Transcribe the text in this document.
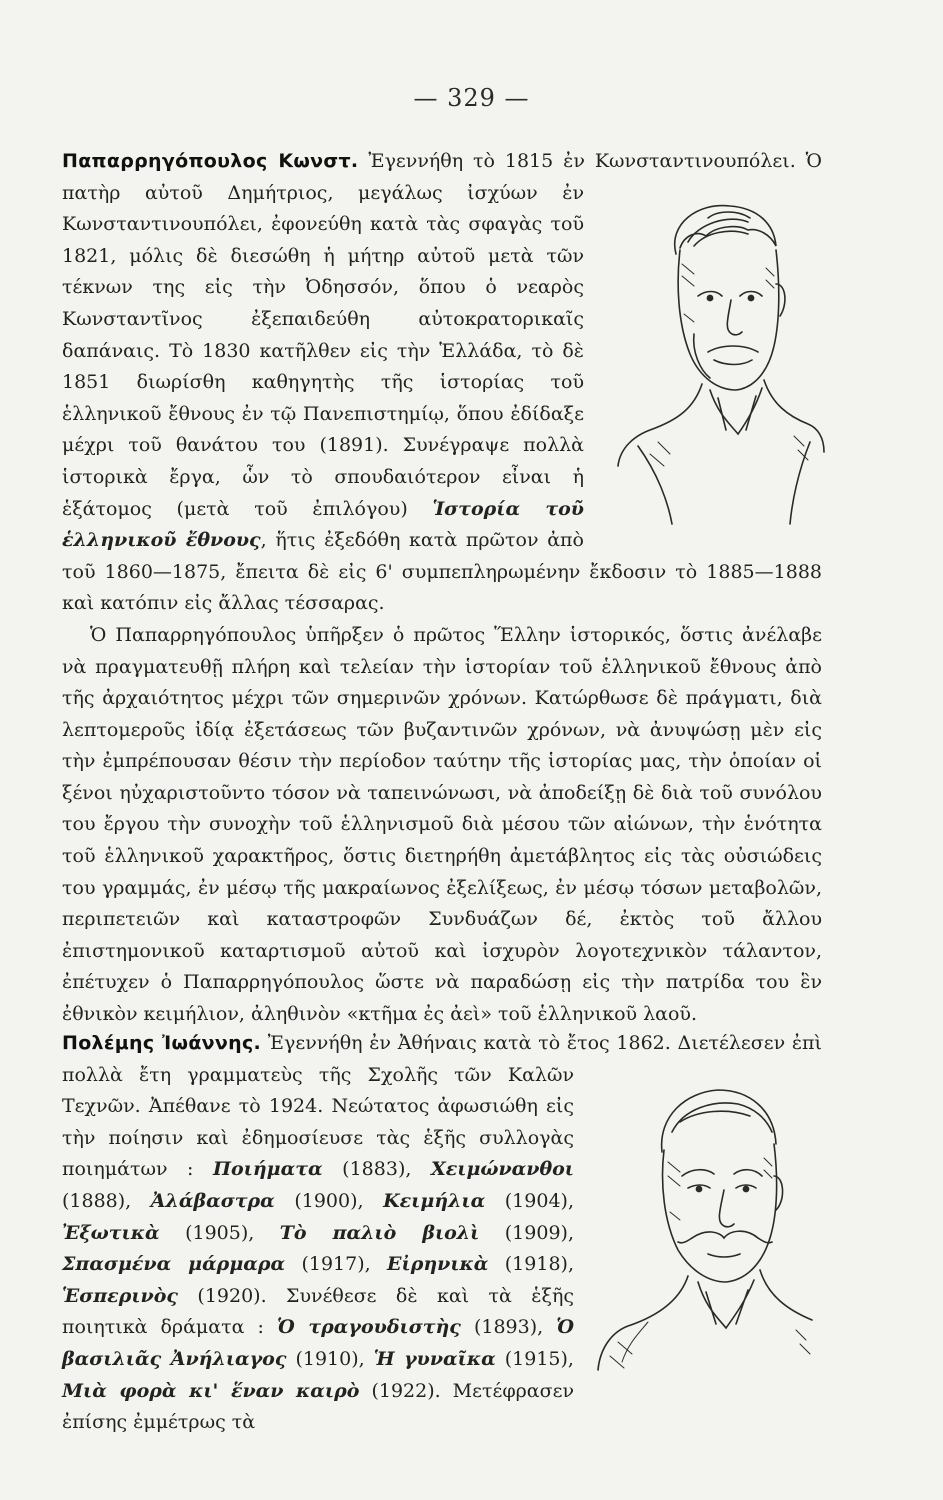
— 329 —
Παπαρρηγόπουλος Κωνστ.
Ἐγεννήθη τὸ 1815 ἐν Κωνσταντινουπόλει. Ὁ πατὴρ αὐτοῦ Δημήτριος, μεγάλως ἰσχύων ἐν Κωνσταντινουπόλει, ἐφονεύθη κατὰ τὰς σφαγὰς τοῦ 1821, μόλις δὲ διεσώθη ἡ μήτηρ αὐτοῦ μετὰ τῶν τέκνων της εἰς τὴν Ὀδησσόν, ὅπου ὁ νεαρὸς Κωνσταντῖνος ἐξεπαιδεύθη αὐτοκρατορικαῖς δαπάναις. Τὸ 1830 κατῆλθεν εἰς τὴν Ἑλλάδα, τὸ δὲ 1851 διωρίσθη καθηγητὴς τῆς ἱστορίας τοῦ ἑλληνικοῦ ἔθνους ἐν τῷ Πανεπιστημίῳ, ὅπου ἐδίδαξε μέχρι τοῦ θανάτου του (1891). Συνέγραψε πολλὰ ἱστορικὰ ἔργα, ὧν τὸ σπουδαιότερον εἶναι ἡ ἑξάτομος (μετὰ τοῦ ἐπιλόγου) Ἱστορία τοῦ ἑλληνικοῦ ἔθνους, ἥτις ἐξεδόθη κατὰ πρῶτον ἀπὸ τοῦ 1860—1875, ἔπειτα δὲ εἰς 6' συμπεπληρωμένην ἔκδοσιν τὸ 1885—1888 καὶ κατόπιν εἰς ἄλλας τέσσαρας.
Ὁ Παπαρρηγόπουλος ὑπῆρξεν ὁ πρῶτος Ἕλλην ἱστορικός, ὅστις ἀνέλαβε νὰ πραγματευθῇ πλήρη καὶ τελείαν τὴν ἱστορίαν τοῦ ἑλληνικοῦ ἔθνους ἀπὸ τῆς ἀρχαιότητος μέχρι τῶν σημερινῶν χρόνων. Κατώρθωσε δὲ πράγματι, διὰ λεπτομεροῦς ἰδίᾳ ἐξετάσεως τῶν βυζαντινῶν χρόνων, νὰ ἀνυψώσῃ μὲν εἰς τὴν ἐμπρέπουσαν θέσιν τὴν περίοδον ταύτην τῆς ἱστορίας μας, τὴν ὁποίαν οἱ ξένοι ηὐχαριστοῦντο τόσον νὰ ταπεινώνωσι, νὰ ἀποδείξῃ δὲ διὰ τοῦ συνόλου του ἔργου τὴν συνοχὴν τοῦ ἑλληνισμοῦ διὰ μέσου τῶν αἰώνων, τὴν ἑνότητα τοῦ ἑλληνικοῦ χαρακτῆρος, ὅστις διετηρήθη ἀμετάβλητος εἰς τὰς οὐσιώδεις του γραμμάς, ἐν μέσῳ τῆς μακραίωνος ἐξελίξεως, ἐν μέσῳ τόσων μεταβολῶν, περιπετειῶν καὶ καταστροφῶν Συνδυάζων δέ, ἐκτὸς τοῦ ἄλλου ἐπιστημονικοῦ καταρτισμοῦ αὐτοῦ καὶ ἰσχυρὸν λογοτεχνικὸν τάλαντον, ἐπέτυχεν ὁ Παπαρρηγόπουλος ὥστε νὰ παραδώσῃ εἰς τὴν πατρίδα του ἓν ἐθνικὸν κειμήλιον, ἀληθινὸν «κτῆμα ἐς ἀεὶ» τοῦ ἑλληνικοῦ λαοῦ.
Πολέμης Ἰωάννης.
Ἐγεννήθη ἐν Ἀθήναις κατὰ τὸ ἔτος 1862. Διετέλεσεν ἐπὶ πολλὰ ἔτη γραμματεὺς τῆς Σχολῆς τῶν Καλῶν Τεχνῶν. Ἀπέθανε τὸ 1924. Νεώτατος ἀφωσιώθη εἰς τὴν ποίησιν καὶ ἐδημοσίευσε τὰς ἑξῆς συλλογὰς ποιημάτων : Ποιήματα (1883), Χειμώνανθοι (1888), Ἀλάβαστρα (1900), Κειμήλια (1904), Ἐξωτικὰ (1905), Τὸ παλιὸ βιολὶ (1909), Σπασμένα μάρμαρα (1917), Εἰρηνικὰ (1918), Ἑσπερινὸς (1920). Συνέθεσε δὲ καὶ τὰ ἑξῆς ποιητικὰ δράματα : Ὁ τραγουδιστὴς (1893), Ὁ βασιλιᾶς Ἀνήλιαγος (1910), Ἡ γυναῖκα (1915), Μιὰ φορὰ κι' ἕναν καιρὸ (1922). Μετέφρασεν ἐπίσης ἐμμέτρως τὰ
